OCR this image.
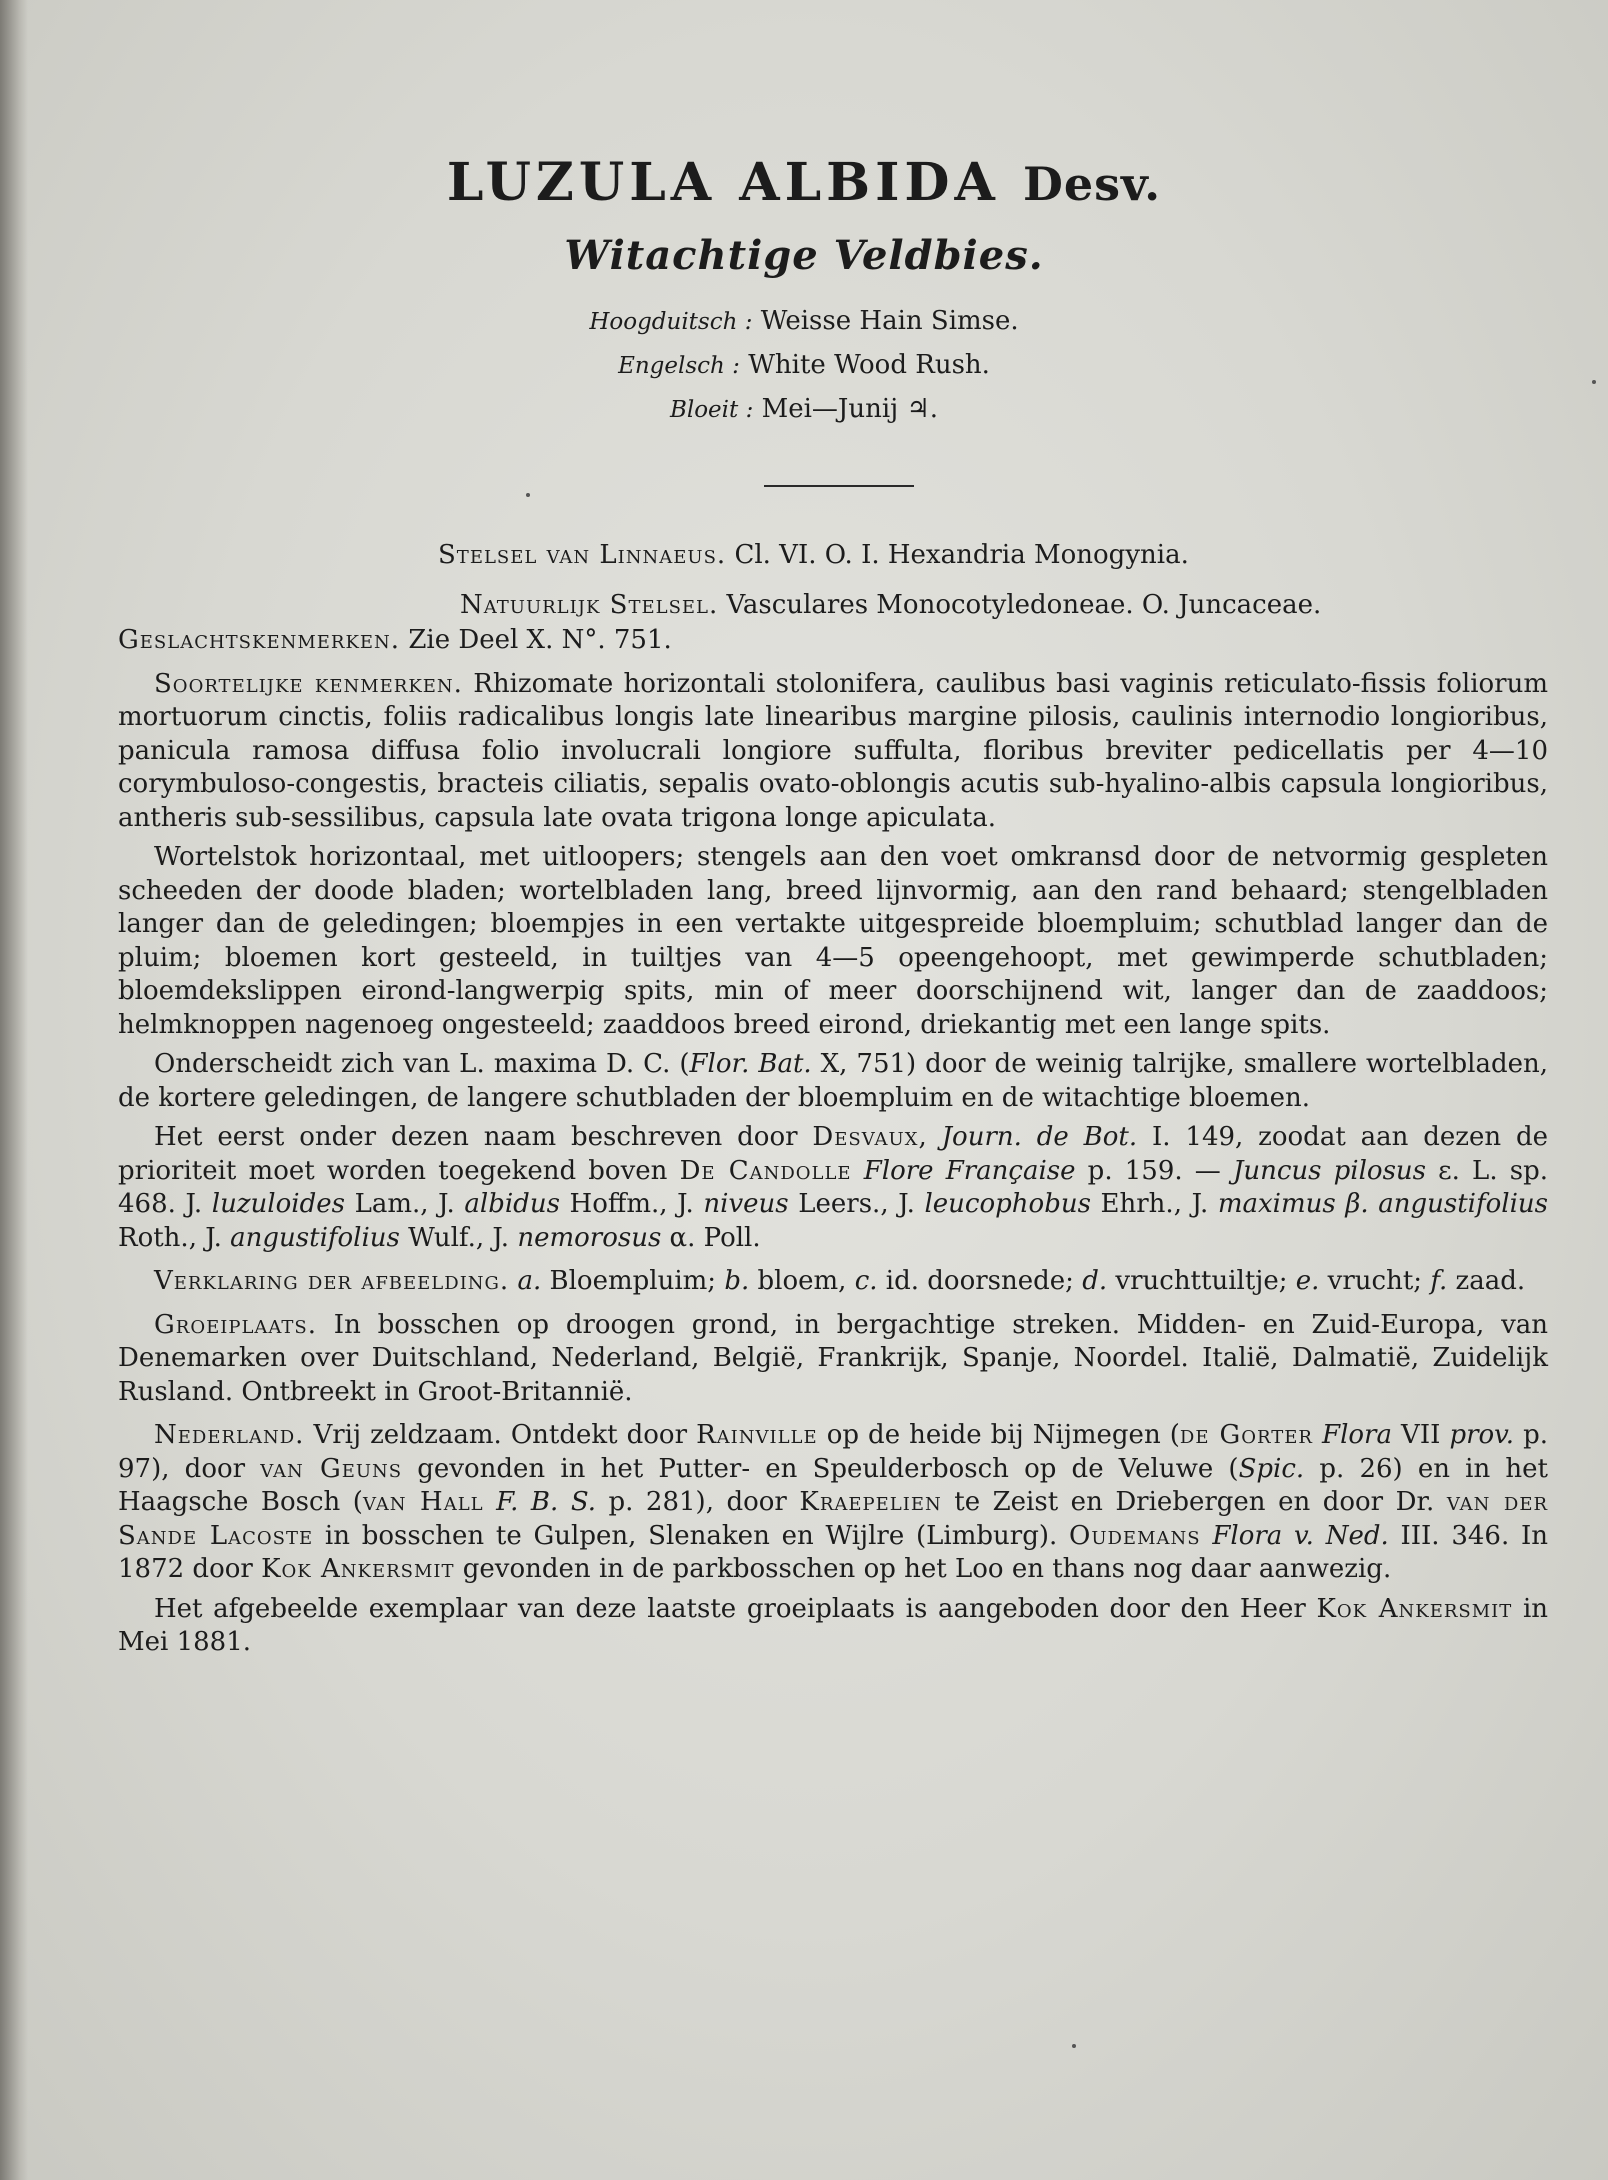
LUZULA ALBIDA Desv.
Witachtige Veldbies.
Hoogduitsch : Weisse Hain Simse.
Engelsch : White Wood Rush.
Bloeit : Mei—Junij ♃.
Stelsel van Linnaeus. Cl. VI. O. I. Hexandria Monogynia.
Natuurlijk Stelsel. Vasculares Monocotyledoneae. O. Juncaceae.

Geslachtskenmerken. Zie Deel X. N°. 751.

Soortelijke kenmerken. Rhizomate horizontali stolonifera, caulibus basi vaginis reticulato-fissis foliorum mortuorum cinctis, foliis radicalibus longis late linearibus margine pilosis, caulinis internodio longioribus, panicula ramosa diffusa folio involucrali longiore suffulta, floribus breviter pedicellatis per 4—10 corymbuloso-congestis, bracteis ciliatis, sepalis ovato-oblongis acutis sub-hyalino-albis capsula longioribus, antheris sub-sessilibus, capsula late ovata trigona longe apiculata.

Wortelstok horizontaal, met uitloopers; stengels aan den voet omkransd door de netvormig gespleten scheeden der doode bladen; wortelbladen lang, breed lijnvormig, aan den rand behaard; stengelbladen langer dan de geledingen; bloempjes in een vertakte uitgespreide bloempluim; schutblad langer dan de pluim; bloemen kort gesteeld, in tuiltjes van 4—5 opeengehoopt, met gewimperde schutbladen; bloemdekslippen eirond-langwerpig spits, min of meer doorschijnend wit, langer dan de zaaddoos; helmknoppen nagenoeg ongesteeld; zaaddoos breed eirond, driekantig met een lange spits.

Onderscheidt zich van L. maxima D. C. (Flor. Bat. X, 751) door de weinig talrijke, smallere wortelbladen, de kortere geledingen, de langere schutbladen der bloempluim en de witachtige bloemen.

Het eerst onder dezen naam beschreven door Desvaux, Journ. de Bot. I. 149, zoodat aan dezen de prioriteit moet worden toegekend boven De Candolle Flore Française p. 159. — Juncus pilosus ε. L. sp. 468. J. luzuloides Lam., J. albidus Hoffm., J. niveus Leers., J. leucophobus Ehrh., J. maximus β. angustifolius Roth., J. angustifolius Wulf., J. nemorosus α. Poll.

Verklaring der afbeelding. a. Bloempluim; b. bloem, c. id. doorsnede; d. vruchttuiltje; e. vrucht; f. zaad.

Groeiplaats. In bosschen op droogen grond, in bergachtige streken. Midden- en Zuid-Europa, van Denemarken over Duitschland, Nederland, België, Frankrijk, Spanje, Noordel. Italië, Dalmatië, Zuidelijk Rusland. Ontbreekt in Groot-Britannië.

Nederland. Vrij zeldzaam. Ontdekt door Rainville op de heide bij Nijmegen (de Gorter Flora VII prov. p. 97), door van Geuns gevonden in het Putter- en Speulderbosch op de Veluwe (Spic. p. 26) en in het Haagsche Bosch (van Hall F. B. S. p. 281), door Kraepelien te Zeist en Driebergen en door Dr. van der Sande Lacoste in bosschen te Gulpen, Slenaken en Wijlre (Limburg). Oudemans Flora v. Ned. III. 346. In 1872 door Kok Ankersmit gevonden in de parkbosschen op het Loo en thans nog daar aanwezig.

Het afgebeelde exemplaar van deze laatste groeiplaats is aangeboden door den Heer Kok Ankersmit in Mei 1881.
